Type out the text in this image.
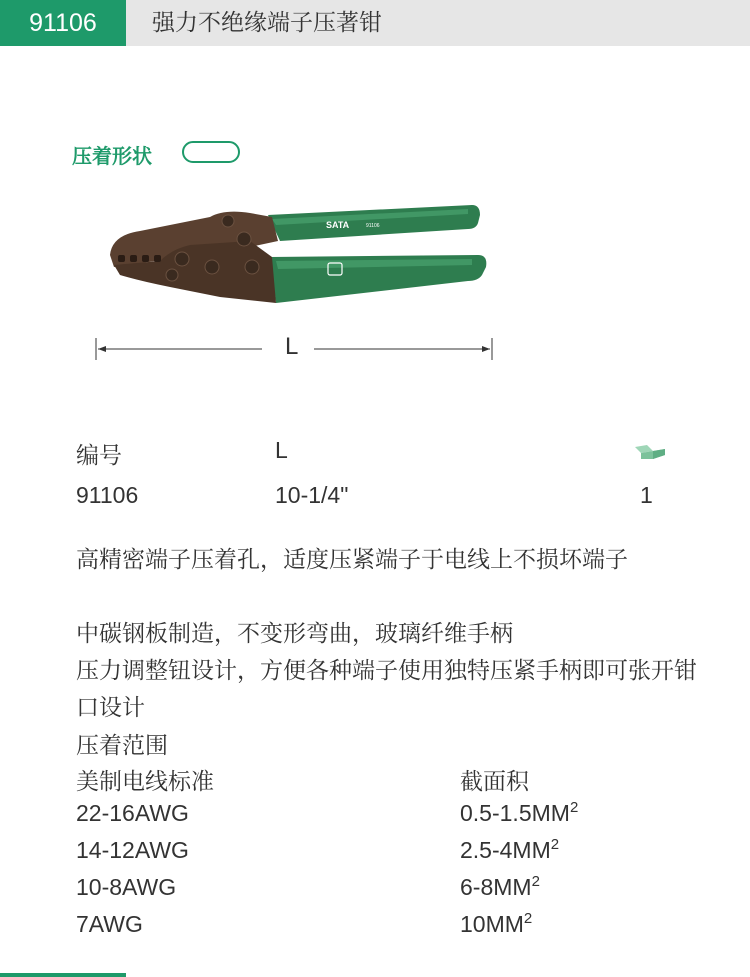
91106	强力不绝缘端子压著钳
压着形状
SATA	91106
L
编号	L
91106	10-1/4"	1
高精密端子压着孔，适度压紧端子于电线上不损坏端子
中碳钢板制造，不变形弯曲，玻璃纤维手柄
压力调整钮设计，方便各种端子使用独特压紧手柄即可张开钳口设计
压着范围
美制电线标准	截面积
22-16AWG	$0.5-1.5MM^2$
14-12AWG	$2.5-4MM^2$
10-8AWG	$6-8MM^2$
7AWG	$10MM^2$
